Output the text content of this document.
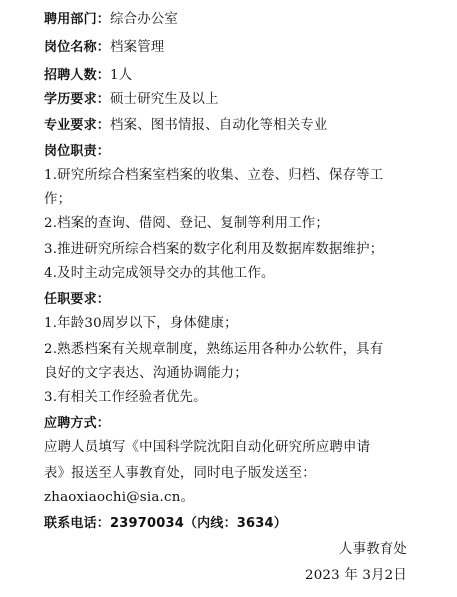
聘用部门：综合办公室
岗位名称：档案管理
招聘人数：1人
学历要求：硕士研究生及以上
专业要求：档案、图书情报、自动化等相关专业
岗位职责：
1.研究所综合档案室档案的收集、立卷、归档、保存等工
作；
2.档案的查询、借阅、登记、复制等利用工作；
3.推进研究所综合档案的数字化利用及数据库数据维护；
4.及时主动完成领导交办的其他工作。
任职要求：
1.年龄30周岁以下，身体健康；
2.熟悉档案有关规章制度，熟练运用各种办公软件，具有
良好的文字表达、沟通协调能力；
3.有相关工作经验者优先。
应聘方式：
应聘人员填写《中国科学院沈阳自动化研究所应聘申请
表》报送至人事教育处，同时电子版发送至：
zhaoxiaochi@sia.cn。
联系电话：23970034（内线：3634）
人事教育处
2023 年 3月2日
